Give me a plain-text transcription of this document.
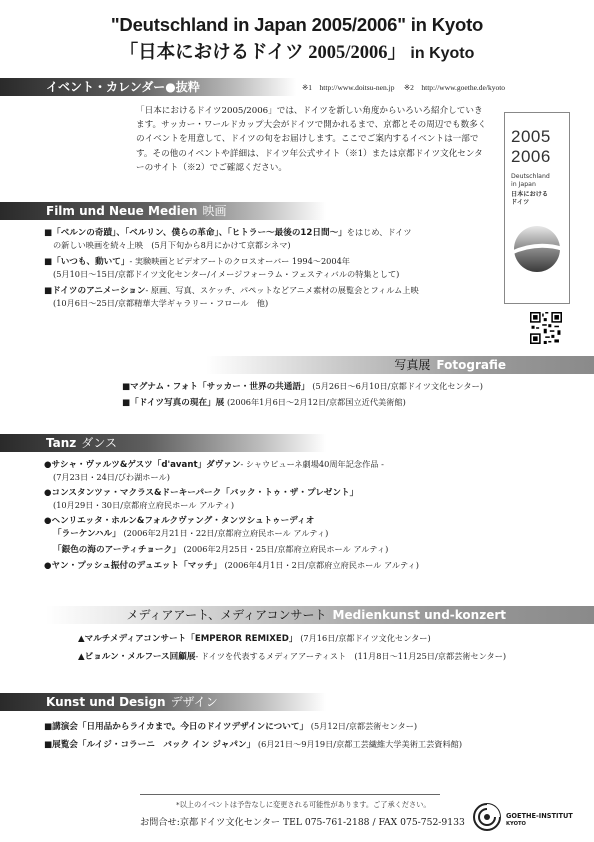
"Deutschland in Japan 2005/2006" in Kyoto
「日本におけるドイツ 2005/2006」 in Kyoto
イベント・カレンダー●抜粋	※1　http://www.doitsu-nen.jp　 ※2　http://www.goethe.de/kyoto
「日本におけるドイツ2005/2006」では、ドイツを新しい角度からいろいろ紹介していきます。サッカー・ワールドカップ大会がドイツで開かれるまで、京都とその周辺でも数多くのイベントを用意して、ドイツの旬をお届けします。ここでご案内するイベントは一部です。その他のイベントや詳細は、ドイツ年公式サイト（※1）または京都ドイツ文化センターのサイト（※2）でご確認ください。
2005
2006
Deutschland
in Japan
日本における
ドイツ
Film und Neue Medien 映画
■「ベルンの奇蹟」、「ベルリン、僕らの革命」、「ヒトラー～最後の12日間～」をはじめ、ドイツ
の新しい映画を続々上映　(5月下旬から8月にかけて京都シネマ)
■「いつも、動いて」- 実験映画とビデオアートのクロスオーバー 1994～2004年
(5月10日～15日/京都ドイツ文化センター/イメージフォーラム・フェスティバルの特集として)
■ドイツのアニメーション- 原画、写真、スケッチ、パペットなどアニメ素材の展覧会とフィルム上映
(10月6日～25日/京都精華大学ギャラリー・フロール　他)
写真展 Fotografie
■マグナム・フォト「サッカー・世界の共通語」 (5月26日～6月10日/京都ドイツ文化センター)
■「ドイツ写真の現在」展 (2006年1月6日～2月12日/京都国立近代美術館)
Tanz ダンス
●サシャ・ヴァルツ&ゲスツ「d'avant」ダヴァン- シャウビューネ劇場40周年記念作品 -
(7月23日・24日/びわ湖ホール)
●コンスタンツァ・マクラス&ドーキーパーク「バック・トゥ・ザ・プレゼント」
(10月29日・30日/京都府立府民ホール アルティ)
●ヘンリエッタ・ホルン&フォルクヴァング・タンツシュトゥーディオ
「ラーケンハル」 (2006年2月21日・22日/京都府立府民ホール アルティ)
「銀色の海のアーティチョーク」 (2006年2月25日・25日/京都府立府民ホール アルティ)
●ヤン・プッシュ振付のデュエット「マッチ」 (2006年4月1日・2日/京都府立府民ホール アルティ)
メディアアート、メディアコンサート Medienkunst und-konzert
▲マルチメディアコンサート「EMPEROR REMIXED」 (7月16日/京都ドイツ文化センター)
▲ビョルン・メルフース回顧展- ドイツを代表するメディアアーティスト　(11月8日～11月25日/京都芸術センター)
Kunst und Design デザイン
■講演会「日用品からライカまで。今日のドイツデザインについて」 (5月12日/京都芸術センター)
■展覧会「ルイジ・コラーニ　バック イン ジャパン」 (6月21日～9月19日/京都工芸繊維大学美術工芸資料館)
*以上のイベントは予告なしに変更される可能性があります。ご了承ください。
お問合せ:京都ドイツ文化センター TEL 075-761-2188 / FAX 075-752-9133
GOETHE-INSTITUT
KYOTO
